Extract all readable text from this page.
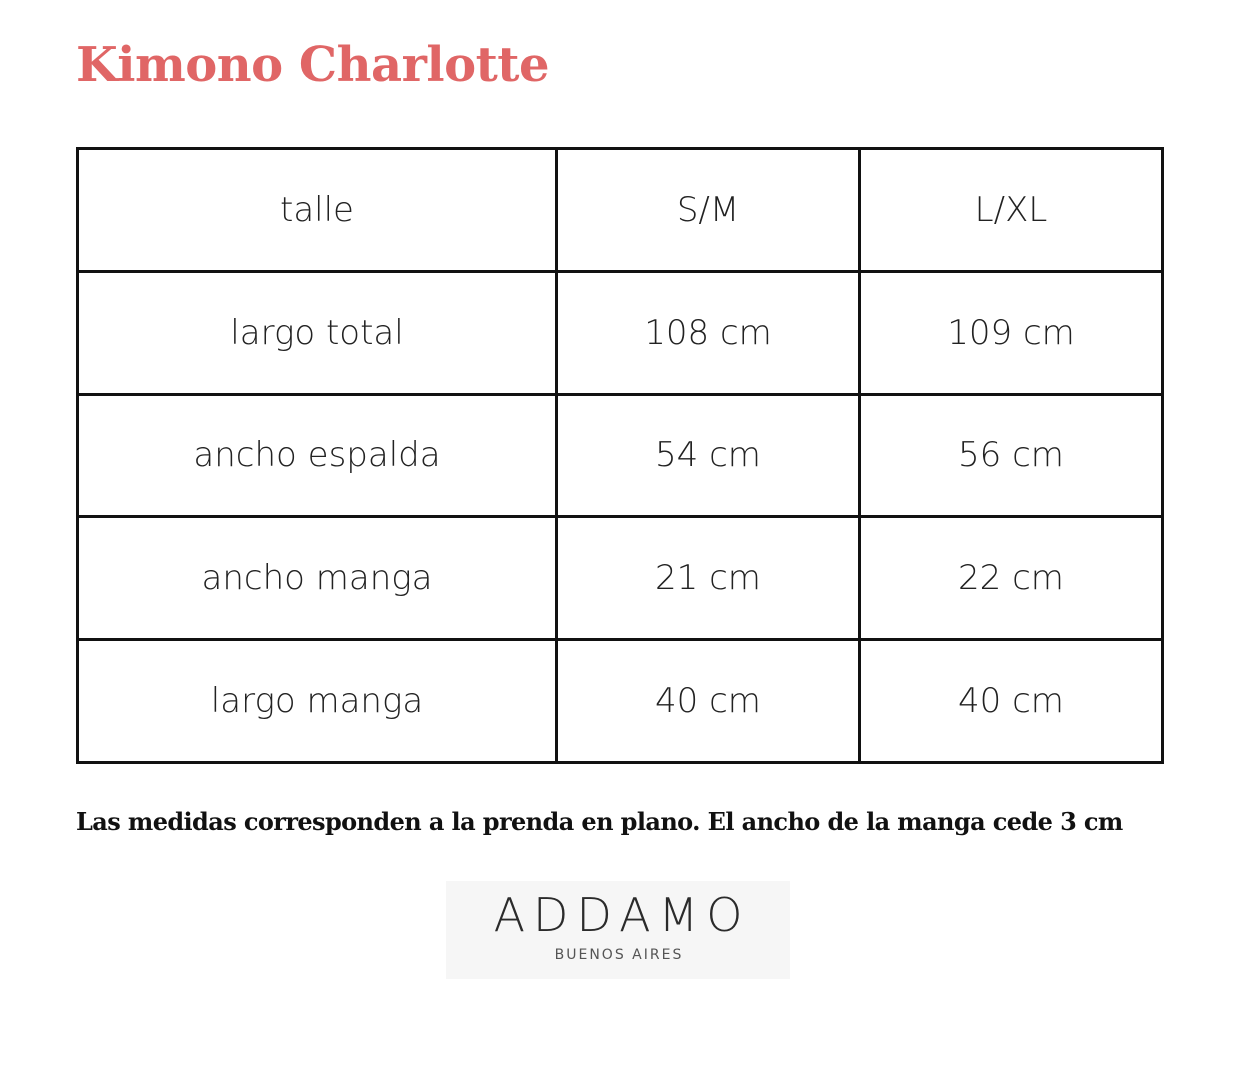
Kimono Charlotte
talle	S/M	L/XL
largo total	108 cm	109 cm
ancho espalda	54 cm	56 cm
ancho manga	21 cm	22 cm
largo manga	40 cm	40 cm

Las medidas corresponden a la prenda en plano. El ancho de la manga cede 3 cm

ADDAMO
BUENOS AIRES
